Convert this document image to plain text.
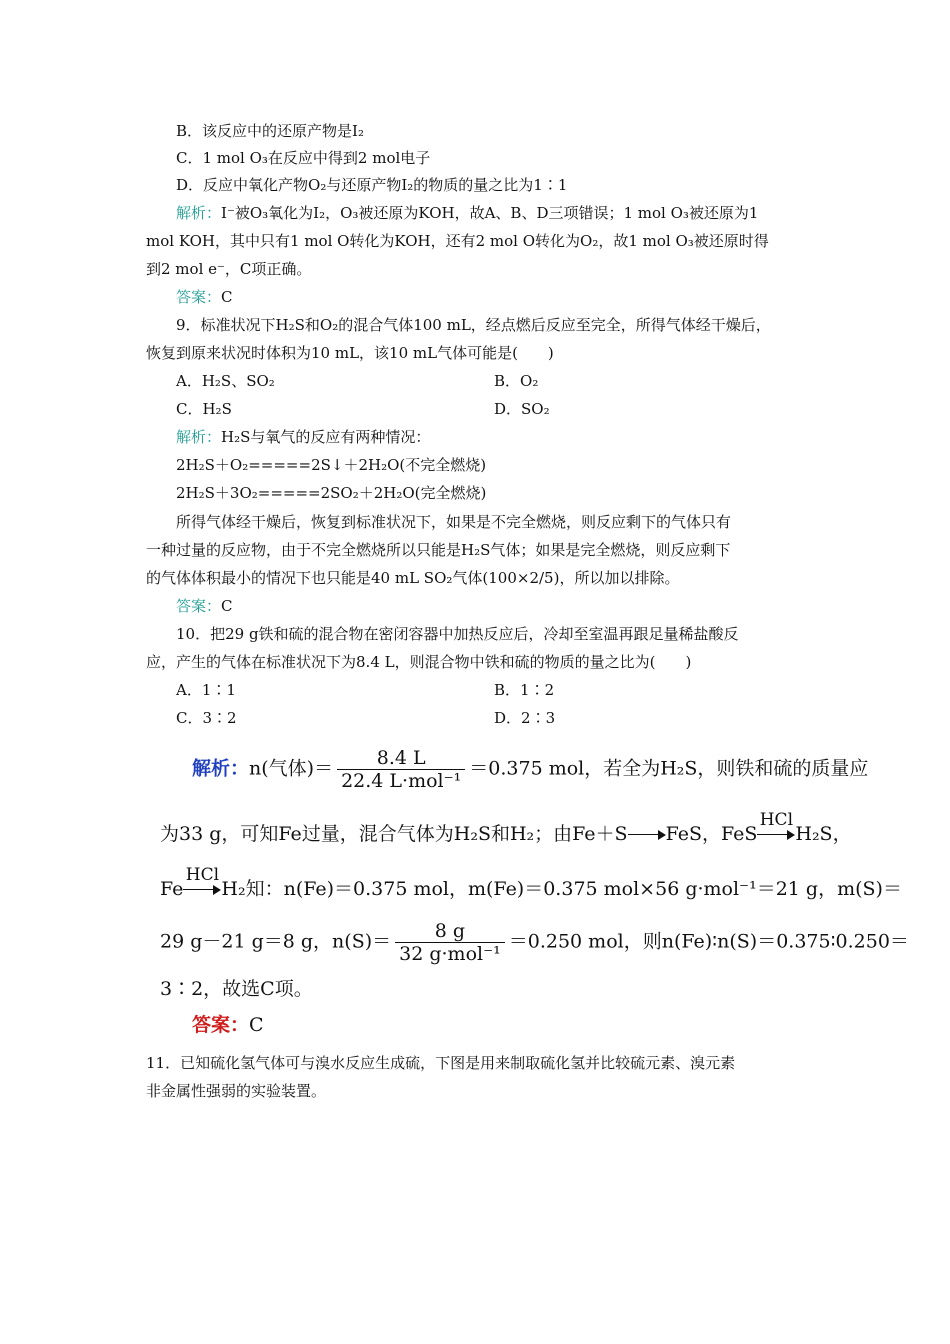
B．该反应中的还原产物是I₂
C．1 mol O₃在反应中得到2 mol电子
D．反应中氧化产物O₂与还原产物I₂的物质的量之比为1∶1
解析：I⁻被O₃氧化为I₂，O₃被还原为KOH，故A、B、D三项错误；1 mol O₃被还原为1
mol KOH，其中只有1 mol O转化为KOH，还有2 mol O转化为O₂，故1 mol O₃被还原时得
到2 mol e⁻，C项正确。
答案：C
9．标准状况下H₂S和O₂的混合气体100 mL，经点燃后反应至完全，所得气体经干燥后，
恢复到原来状况时体积为10 mL，该10 mL气体可能是(　　)
A．H₂S、SO₂	B．O₂
C．H₂S	D．SO₂
解析：H₂S与氧气的反应有两种情况：
2H₂S＋O₂=====2S↓＋2H₂O(不完全燃烧)
2H₂S＋3O₂=====2SO₂＋2H₂O(完全燃烧)
所得气体经干燥后，恢复到标准状况下，如果是不完全燃烧，则反应剩下的气体只有
一种过量的反应物，由于不完全燃烧所以只能是H₂S气体；如果是完全燃烧，则反应剩下
的气体体积最小的情况下也只能是40 mL SO₂气体(100×2/5)，所以加以排除。
答案：C
10．把29 g铁和硫的混合物在密闭容器中加热反应后，冷却至室温再跟足量稀盐酸反
应，产生的气体在标准状况下为8.4 L，则混合物中铁和硫的物质的量之比为(　　)
A．1∶1	B．1∶2
C．3∶2	D．2∶3
解析：n(气体)＝ $\frac{8.4 L}{\text{22.4 L·mol⁻¹}} =0.375$ mol，若全为H₂S，则铁和硫的质量应
为33 g，可知Fe过量，混合气体为H₂S和H₂；由Fe＋S FeS，FeS
HCl
H₂S，
Fe
HCl
H₂知：n(Fe)＝0.375 mol，m(Fe)＝0.375 mol×56 g·mol⁻¹＝21 g，m(S)＝
29 g－21 g＝8 g，$n(S)= \frac{8 g}{\text{32 g·mol⁻¹}} =0.250$ mol，则n(Fe)∶n(S)＝0.375∶0.250＝
3∶2，故选C项。
答案：C
11．已知硫化氢气体可与溴水反应生成硫，下图是用来制取硫化氢并比较硫元素、溴元素
非金属性强弱的实验装置。
